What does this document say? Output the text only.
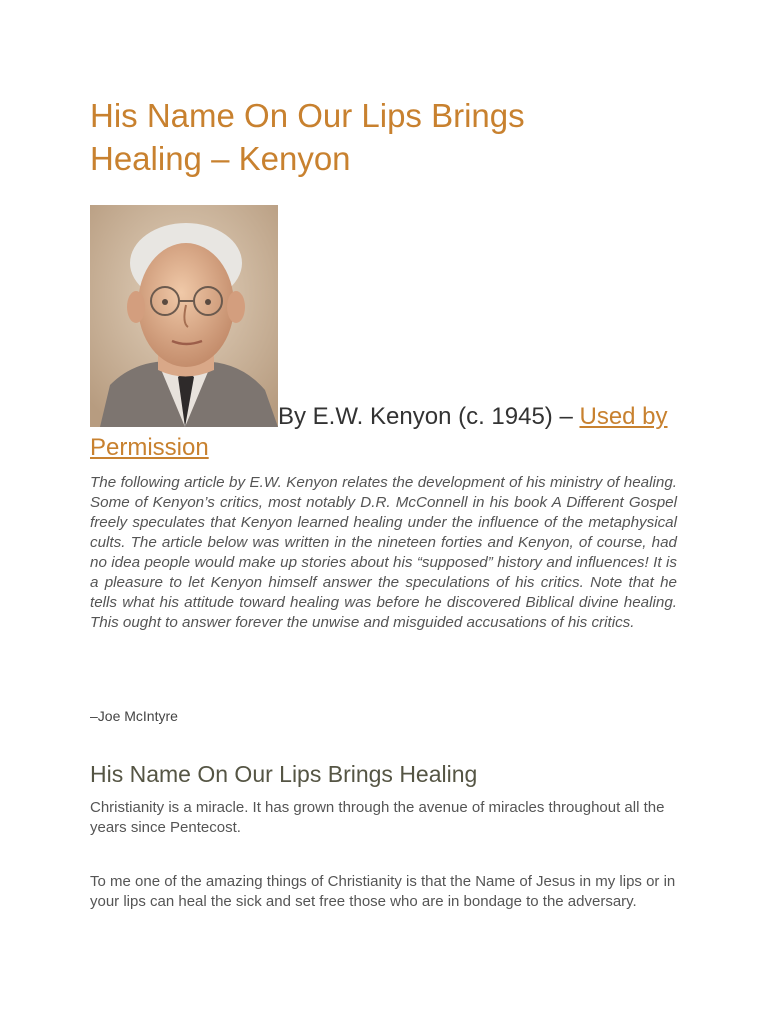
His Name On Our Lips Brings
Healing – Kenyon
By E.W. Kenyon (c. 1945) – Used by Permission

The following article by E.W. Kenyon relates the development of his ministry of healing. Some of Kenyon’s critics, most notably D.R. McConnell in his book A Different Gospel freely speculates that Kenyon learned healing under the influence of the metaphysical cults. The article below was written in the nineteen forties and Kenyon, of course, had no idea people would make up stories about his “supposed” history and influences! It is a pleasure to let Kenyon himself answer the speculations of his critics. Note that he tells what his attitude toward healing was before he discovered Biblical divine healing. This ought to answer forever the unwise and misguided accusations of his critics.

–Joe McIntyre

His Name On Our Lips Brings Healing

Christianity is a miracle. It has grown through the avenue of miracles throughout all the years since Pentecost.

To me one of the amazing things of Christianity is that the Name of Jesus in my lips or in your lips can heal the sick and set free those who are in bondage to the adversary.
